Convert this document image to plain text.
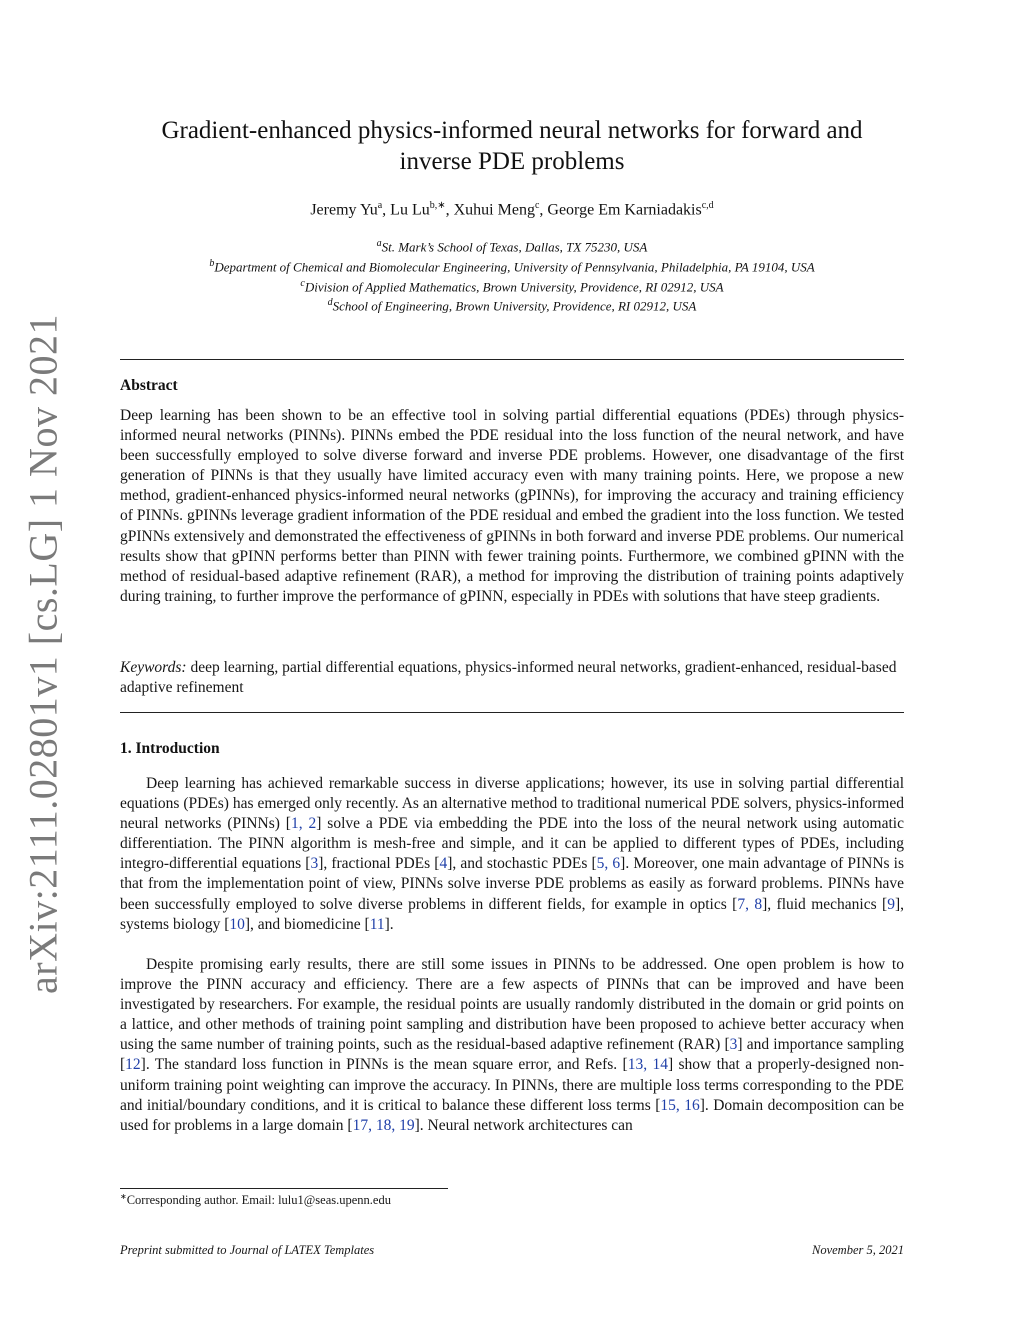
arXiv:2111.02801v1 [cs.LG] 1 Nov 2021
Gradient-enhanced physics-informed neural networks for forward and
inverse PDE problems
Jeremy Yu$^a$, Lu $Lu^{b,∗}$, Xuhui Meng$^c$, George Em Karniadakis$^{c,d}$
$^a$St. Mark’s School of Texas, Dallas, TX 75230, USA
$^b$Department of Chemical and Biomolecular Engineering, University of Pennsylvania, Philadelphia, PA 19104, USA
$^c$Division of Applied Mathematics, Brown University, Providence, RI 02912, USA
$^d$School of Engineering, Brown University, Providence, RI 02912, USA
Abstract
Deep learning has been shown to be an effective tool in solving partial differential equations (PDEs) through physics-informed neural networks (PINNs). PINNs embed the PDE residual into the loss function of the neural network, and have been successfully employed to solve diverse forward and inverse PDE problems. However, one disadvantage of the first generation of PINNs is that they usually have limited accuracy even with many training points. Here, we propose a new method, gradient-enhanced physics-informed neural networks (gPINNs), for improving the accuracy and training efficiency of PINNs. gPINNs leverage gradient information of the PDE residual and embed the gradient into the loss function. We tested gPINNs extensively and demonstrated the effectiveness of gPINNs in both forward and inverse PDE problems. Our numerical results show that gPINN performs better than PINN with fewer training points. Furthermore, we combined gPINN with the method of residual-based adaptive refinement (RAR), a method for improving the distribution of training points adaptively during training, to further improve the performance of gPINN, especially in PDEs with solutions that have steep gradients.
Keywords: deep learning, partial differential equations, physics-informed neural networks, gradient-enhanced, residual-based adaptive refinement
1. Introduction
Deep learning has achieved remarkable success in diverse applications; however, its use in solving partial differential equations (PDEs) has emerged only recently. As an alternative method to traditional numerical PDE solvers, physics-informed neural networks (PINNs) [1, 2] solve a PDE via embedding the PDE into the loss of the neural network using automatic differentiation. The PINN algorithm is mesh-free and simple, and it can be applied to different types of PDEs, including integro-differential equations [3], fractional PDEs [4], and stochastic PDEs [5, 6]. Moreover, one main advantage of PINNs is that from the implementation point of view, PINNs solve inverse PDE problems as easily as forward problems. PINNs have been successfully employed to solve diverse problems in different fields, for example in optics [7, 8], fluid mechanics [9], systems biology [10], and biomedicine [11].
Despite promising early results, there are still some issues in PINNs to be addressed. One open problem is how to improve the PINN accuracy and efficiency. There are a few aspects of PINNs that can be improved and have been investigated by researchers. For example, the residual points are usually randomly distributed in the domain or grid points on a lattice, and other methods of training point sampling and distribution have been proposed to achieve better accuracy when using the same number of training points, such as the residual-based adaptive refinement (RAR) [3] and importance sampling [12]. The standard loss function in PINNs is the mean square error, and Refs. [13, 14] show that a properly-designed non-uniform training point weighting can improve the accuracy. In PINNs, there are multiple loss terms corresponding to the PDE and initial/boundary conditions, and it is critical to balance these different loss terms [15, 16]. Domain decomposition can be used for problems in a large domain [17, 18, 19]. Neural network architectures can
∗Corresponding author. Email: lulu1@seas.upenn.edu
Preprint submitted to Journal of LATEX Templates	November 5, 2021
